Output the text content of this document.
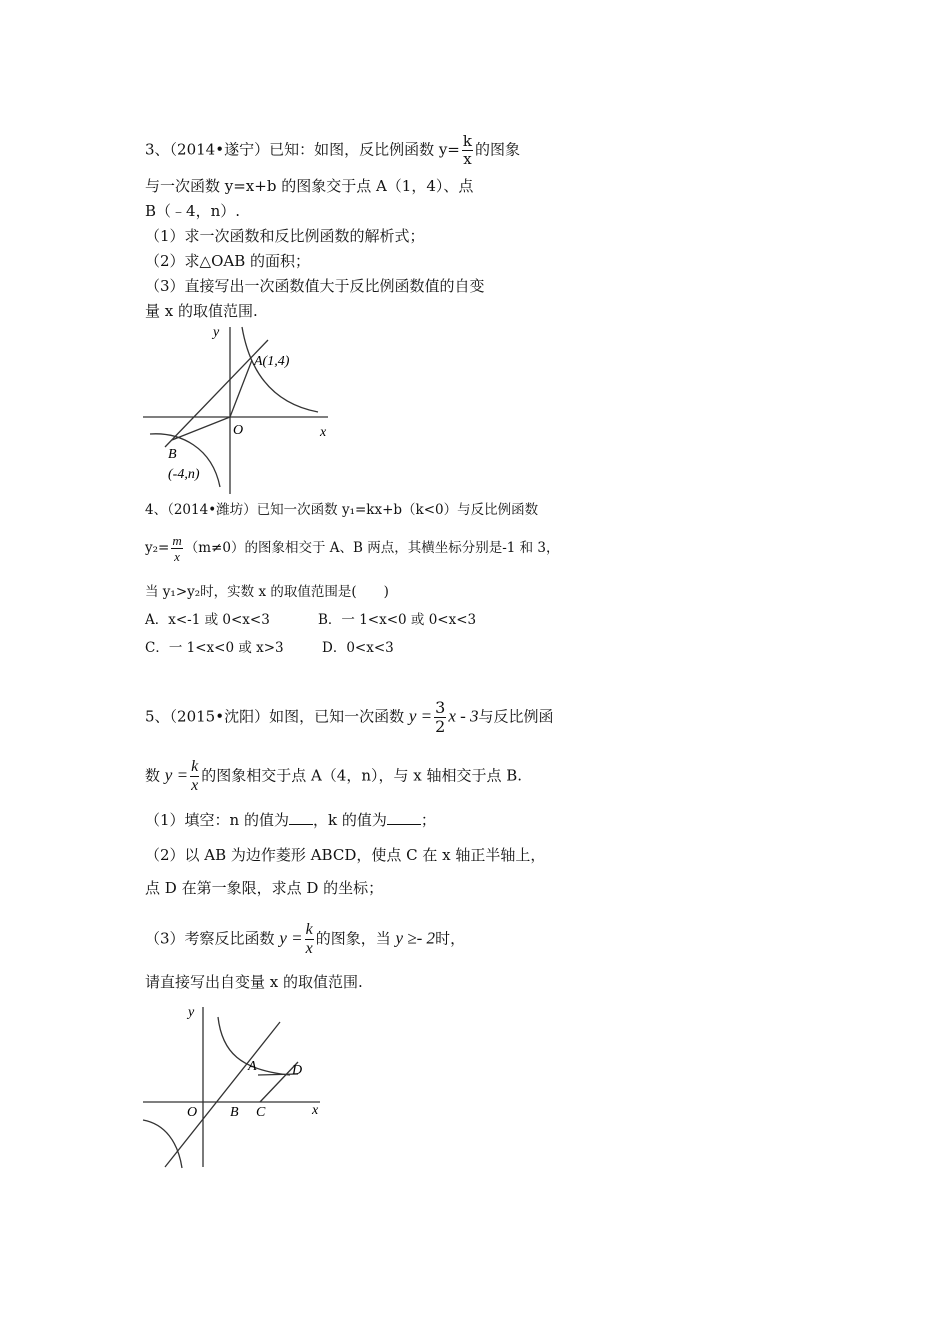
3、（2014•遂宁）已知：如图，反比例函数 $y= \frac{k}{x}$ 的图象
与一次函数 y=x+b 的图象交于点 A（1，4）、点
B（﹣4，n）.
（1）求一次函数和反比例函数的解析式；
（2）求△OAB 的面积；
（3）直接写出一次函数值大于反比例函数值的自变
量 x 的取值范围.
y
x
O
A(1,4)
B
(-4,n)
4、（2014•潍坊）已知一次函数 y₁=kx+b（k<0）与反比例函数
$y_2= \frac{m}{x} (m\ne 0)$的图象相交于 A、B 两点，其横坐标分别是-1 和 3，
当 y₁>y₂时，实数 x 的取值范围是(　　)
A．x<-1 或 0<x<3	B．一 1<x<0 或 0<x<3
C．一 1<x<0 或 x>3	D．0<x<3
5、（2015•沈阳）如图，已知一次函数 $y = \frac{3}{2}$ x - 3与反比例函
数 $y = \frac{k}{x}$ 的图象相交于点 A（4，n），与 x 轴相交于点 B.
（1）填空：n 的值为 ，k 的值为 ；
（2）以 AB 为边作菱形 ABCD，使点 C 在 x 轴正半轴上，
点 D 在第一象限，求点 D 的坐标；
（3）考察反比函数 $y = \frac{k}{x}$ 的图象，当 y ≥- 2时，
请直接写出自变量 x 的取值范围.
y
x
O
A
B C
D
